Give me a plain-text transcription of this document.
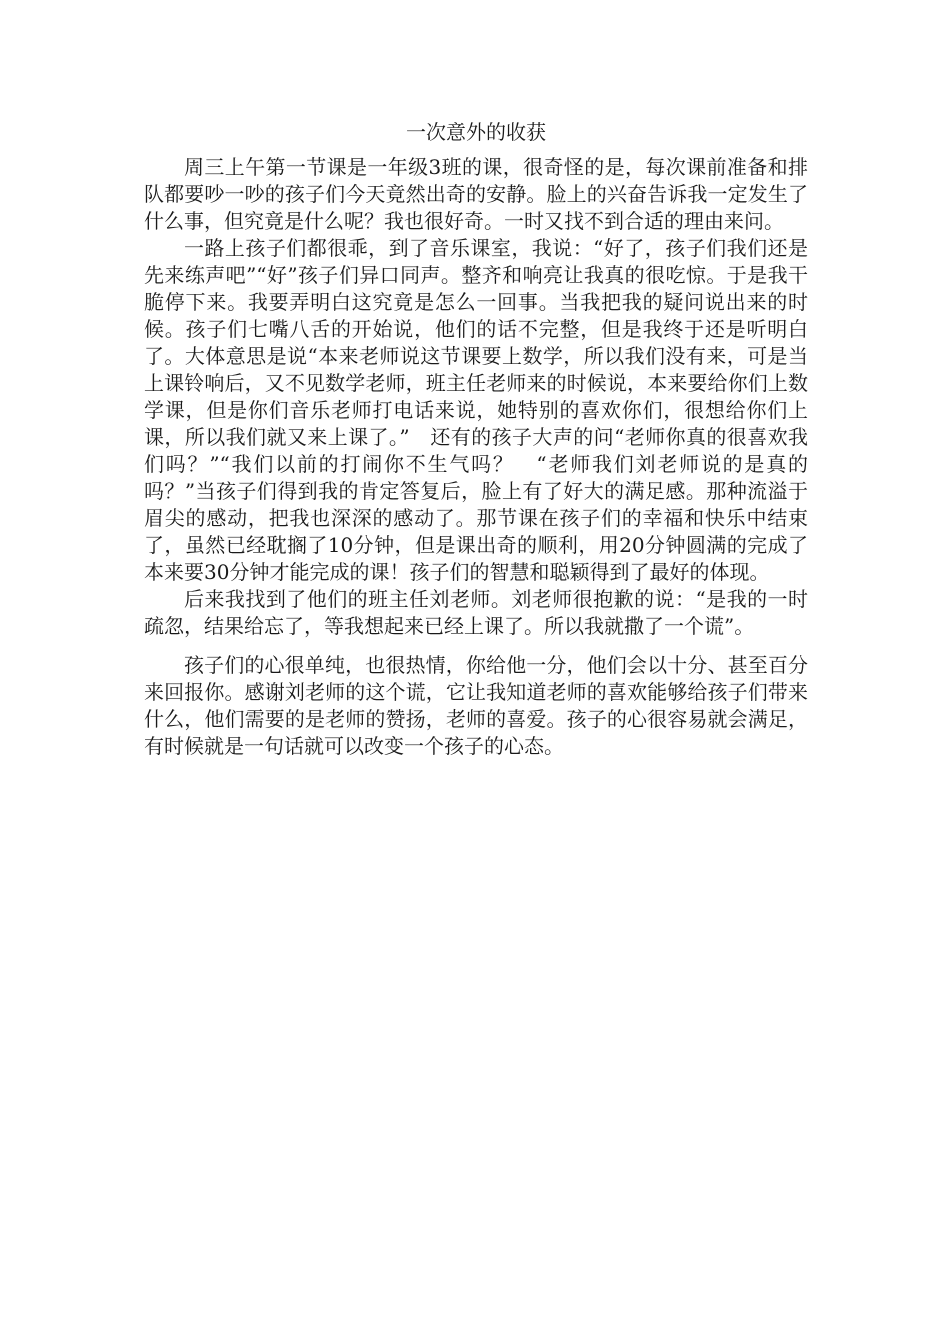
一次意外的收获

周三上午第一节课是一年级3班的课，很奇怪的是，每次课前准备和排队都要吵一吵的孩子们今天竟然出奇的安静。脸上的兴奋告诉我一定发生了什么事，但究竟是什么呢？我也很好奇。一时又找不到合适的理由来问。

一路上孩子们都很乖，到了音乐课室，我说：“好了，孩子们我们还是先来练声吧”“好”孩子们异口同声。整齐和响亮让我真的很吃惊。于是我干脆停下来。我要弄明白这究竟是怎么一回事。当我把我的疑问说出来的时候。孩子们七嘴八舌的开始说，他们的话不完整，但是我终于还是听明白了。大体意思是说“本来老师说这节课要上数学，所以我们没有来，可是当上课铃响后，又不见数学老师，班主任老师来的时候说，本来要给你们上数学课，但是你们音乐老师打电话来说，她特别的喜欢你们，很想给你们上课，所以我们就又来上课了。”　还有的孩子大声的问“老师你真的很喜欢我们吗？”“我们以前的打闹你不生气吗？　“老师我们刘老师说的是真的吗？”当孩子们得到我的肯定答复后，脸上有了好大的满足感。那种流溢于眉尖的感动，把我也深深的感动了。那节课在孩子们的幸福和快乐中结束了，虽然已经耽搁了10分钟，但是课出奇的顺利，用20分钟圆满的完成了本来要30分钟才能完成的课！孩子们的智慧和聪颖得到了最好的体现。

后来我找到了他们的班主任刘老师。刘老师很抱歉的说：“是我的一时疏忽，结果给忘了，等我想起来已经上课了。所以我就撒了一个谎”。

孩子们的心很单纯，也很热情，你给他一分，他们会以十分、甚至百分来回报你。感谢刘老师的这个谎，它让我知道老师的喜欢能够给孩子们带来什么，他们需要的是老师的赞扬，老师的喜爱。孩子的心很容易就会满足，有时候就是一句话就可以改变一个孩子的心态。
